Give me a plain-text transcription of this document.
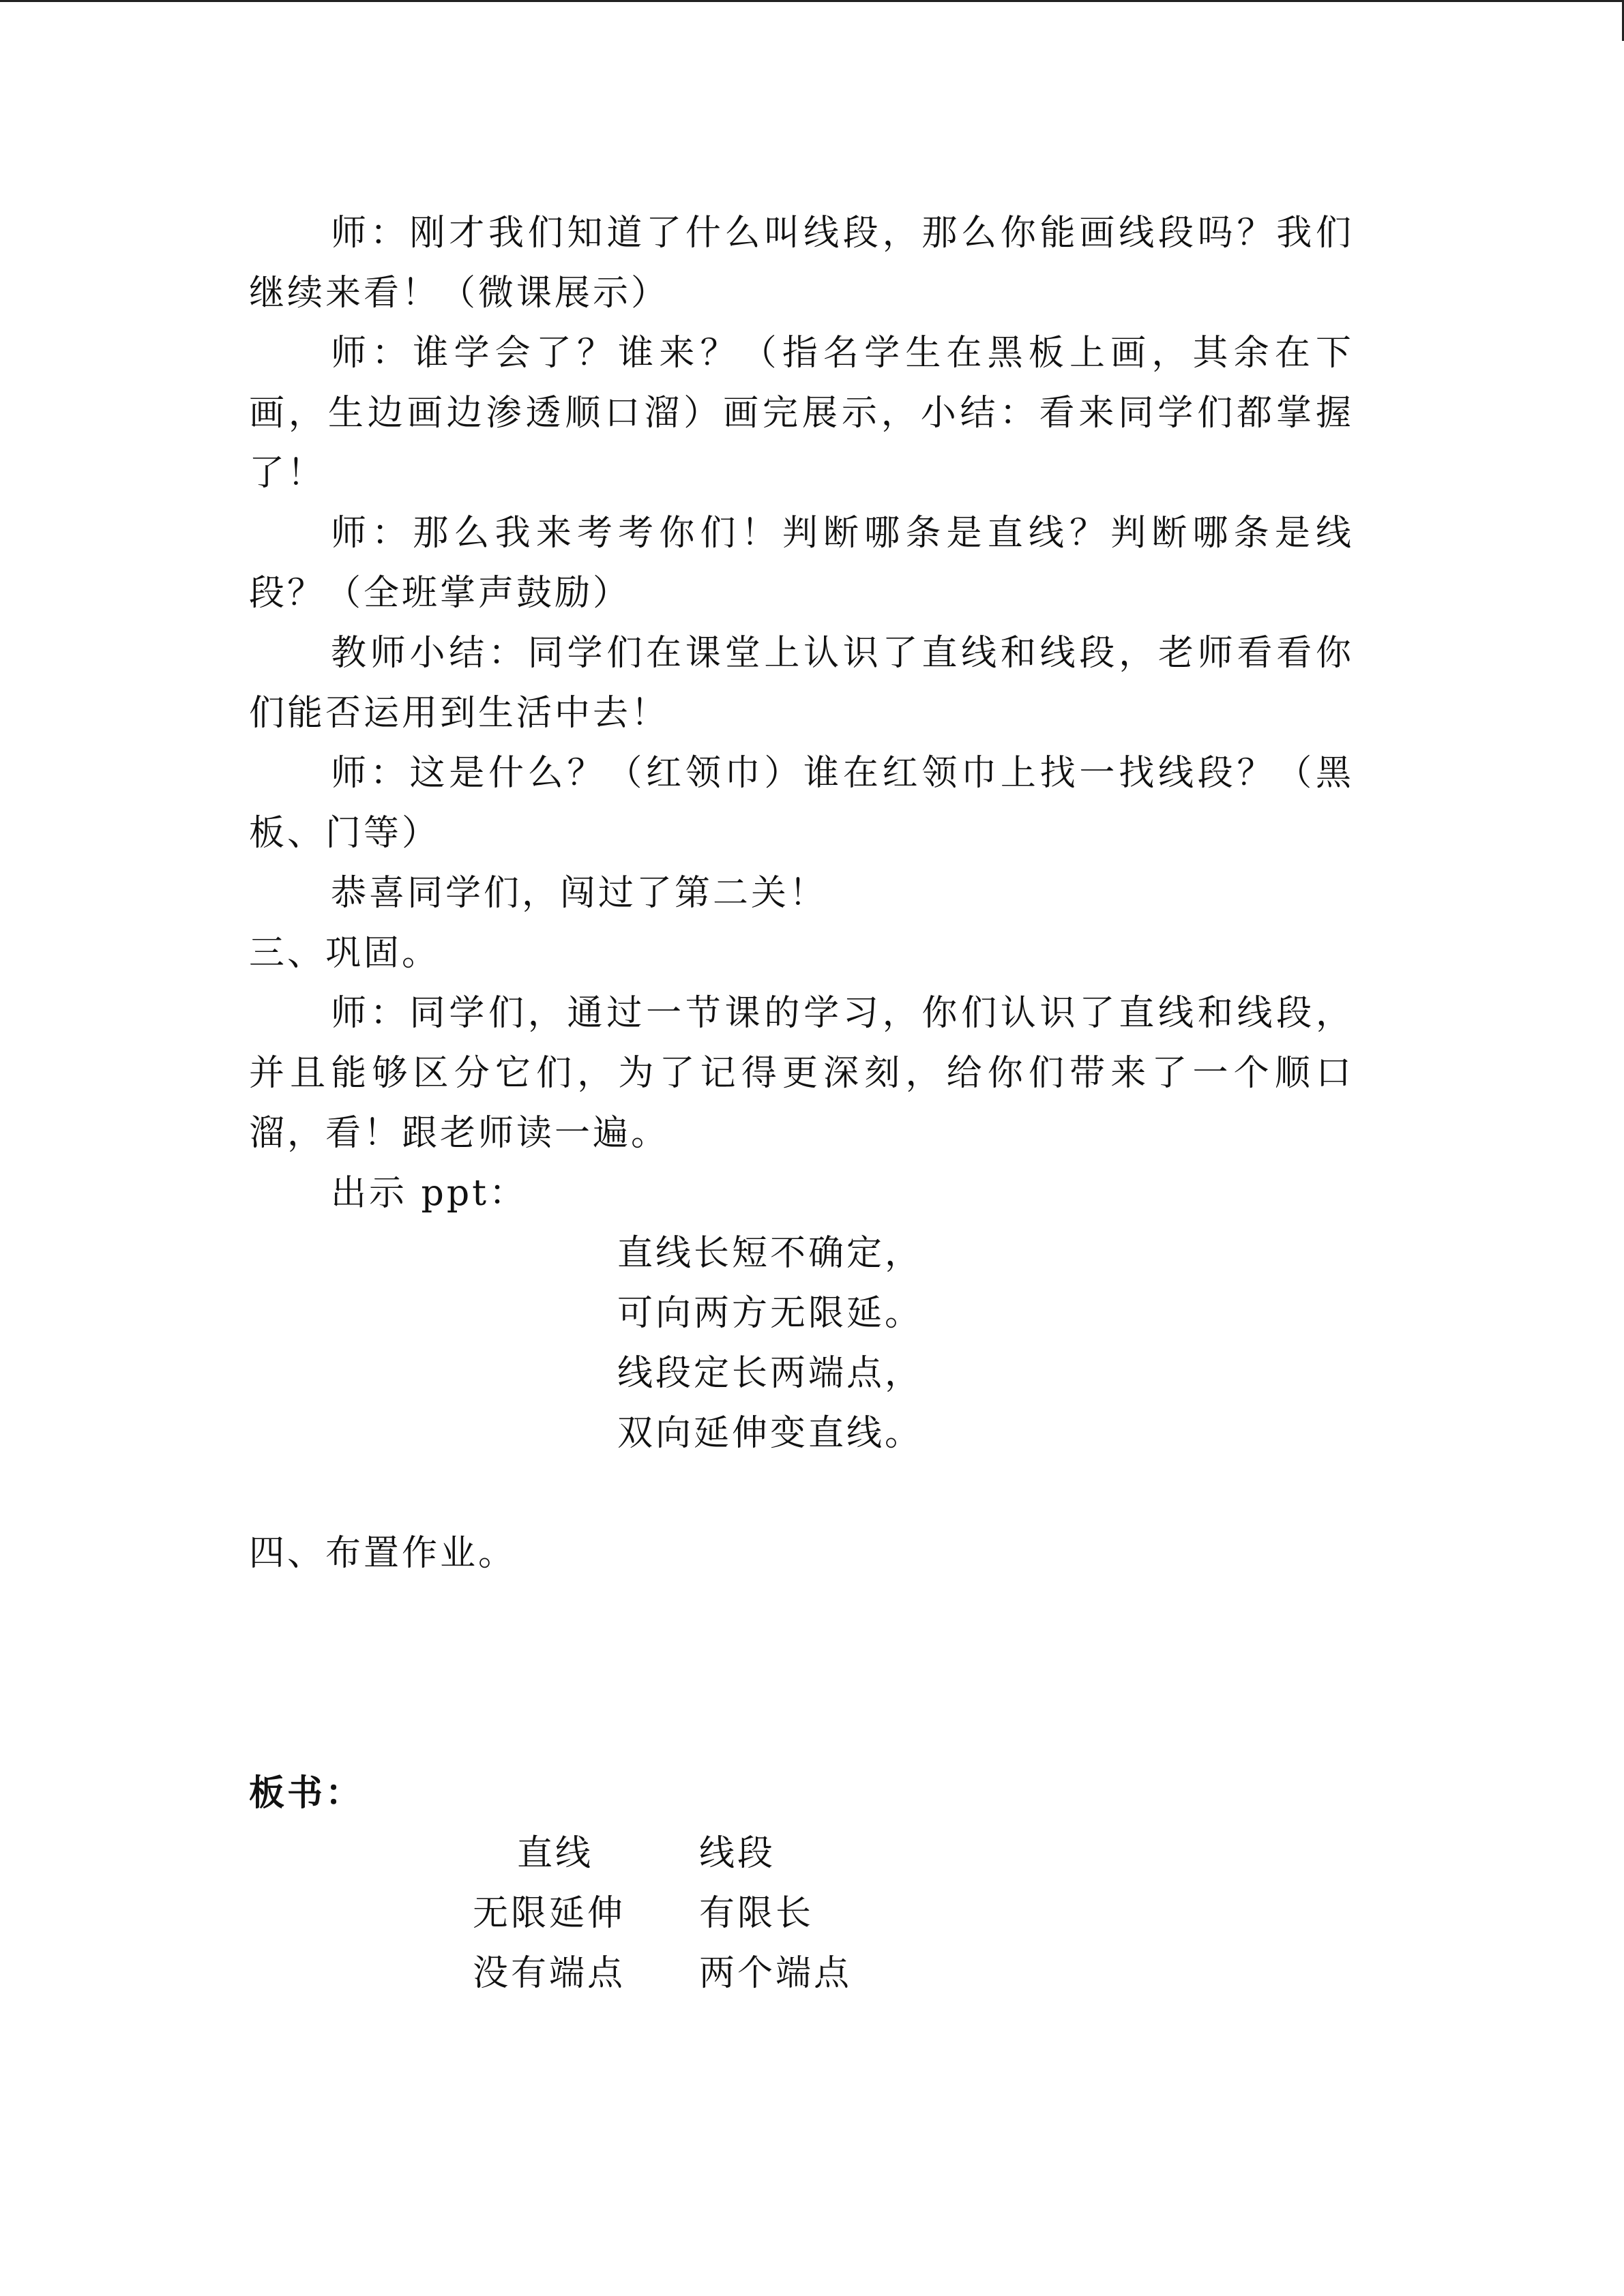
师：刚才我们知道了什么叫线段，那么你能画线段吗？我们继续来看！（微课展示）

师：谁学会了？谁来？（指名学生在黑板上画，其余在下画，生边画边渗透顺口溜）画完展示，小结：看来同学们都掌握了！

师：那么我来考考你们！判断哪条是直线？判断哪条是线段？（全班掌声鼓励）

教师小结：同学们在课堂上认识了直线和线段，老师看看你们能否运用到生活中去！

师：这是什么？（红领巾）谁在红领巾上找一找线段？（黑板、门等）

恭喜同学们，闯过了第二关！

三、巩固。

师：同学们，通过一节课的学习，你们认识了直线和线段，并且能够区分它们，为了记得更深刻，给你们带来了一个顺口溜，看！跟老师读一遍。

出示 ppt：

直线长短不确定，
可向两方无限延。
线段定长两端点，
双向延伸变直线。

四、布置作业。

板书：

直线	线段
无限延伸 有限长
没有端点 两个端点
